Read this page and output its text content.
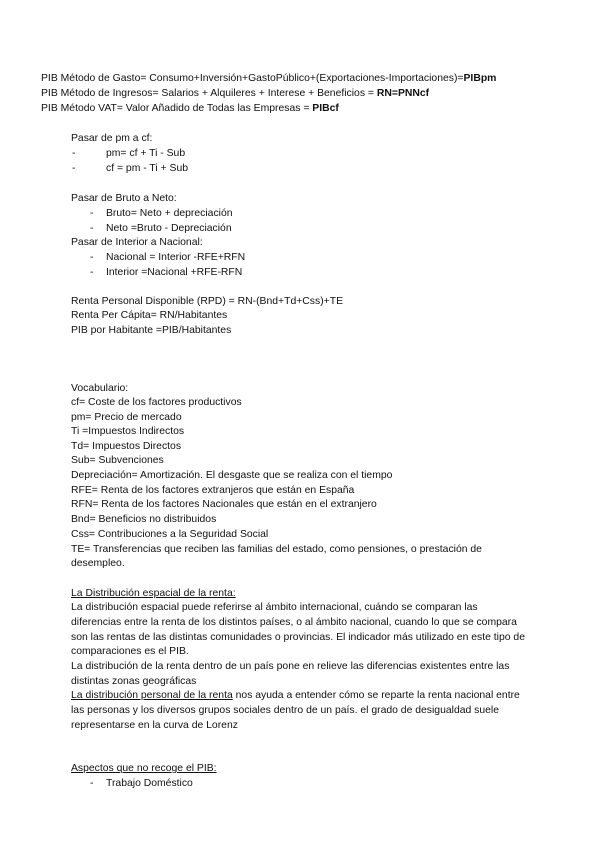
PIB Método de Gasto= Consumo+Inversión+GastoPúblico+(Exportaciones-Importaciones)=PIBpm
PIB Método de Ingresos= Salarios + Alquileres + Interese + Beneficios = RN=PNNcf
PIB Método VAT= Valor Añadido de Todas las Empresas = PIBcf
Pasar de pm a cf:
-	pm= cf + Ti - Sub
-	cf = pm - Ti + Sub
Pasar de Bruto a Neto:
- Bruto= Neto + depreciación
- Neto =Bruto - Depreciación
Pasar de Interior a Nacional:
- Nacional = Interior -RFE+RFN
- Interior =Nacional +RFE-RFN
Renta Personal Disponible (RPD) = RN-(Bnd+Td+Css)+TE
Renta Per Cápita= RN/Habitantes
PIB por Habitante =PIB/Habitantes
Vocabulario:
cf= Coste de los factores productivos
pm= Precio de mercado
Ti =Impuestos Indirectos
Td= Impuestos Directos
Sub= Subvenciones
Depreciación= Amortización. El desgaste que se realiza con el tiempo
RFE= Renta de los factores extranjeros que están en España
RFN= Renta de los factores Nacionales que están en el extranjero
Bnd= Beneficios no distribuidos
Css= Contribuciones a la Seguridad Social
TE= Transferencias que reciben las familias del estado, como pensiones, o prestación de
desempleo.
La Distribución espacial de la renta:
La distribución espacial puede referirse al ámbito internacional, cuándo se comparan las
diferencias entre la renta de los distintos países, o al ámbito nacional, cuando lo que se compara
son las rentas de las distintas comunidades o provincias. El indicador más utilizado en este tipo de
comparaciones es el PIB.
La distribución de la renta dentro de un país pone en relieve las diferencias existentes entre las
distintas zonas geográficas
La distribución personal de la renta nos ayuda a entender cómo se reparte la renta nacional entre
las personas y los diversos grupos sociales dentro de un país. el grado de desigualdad suele
representarse en la curva de Lorenz
Aspectos que no recoge el PIB:
- Trabajo Doméstico
